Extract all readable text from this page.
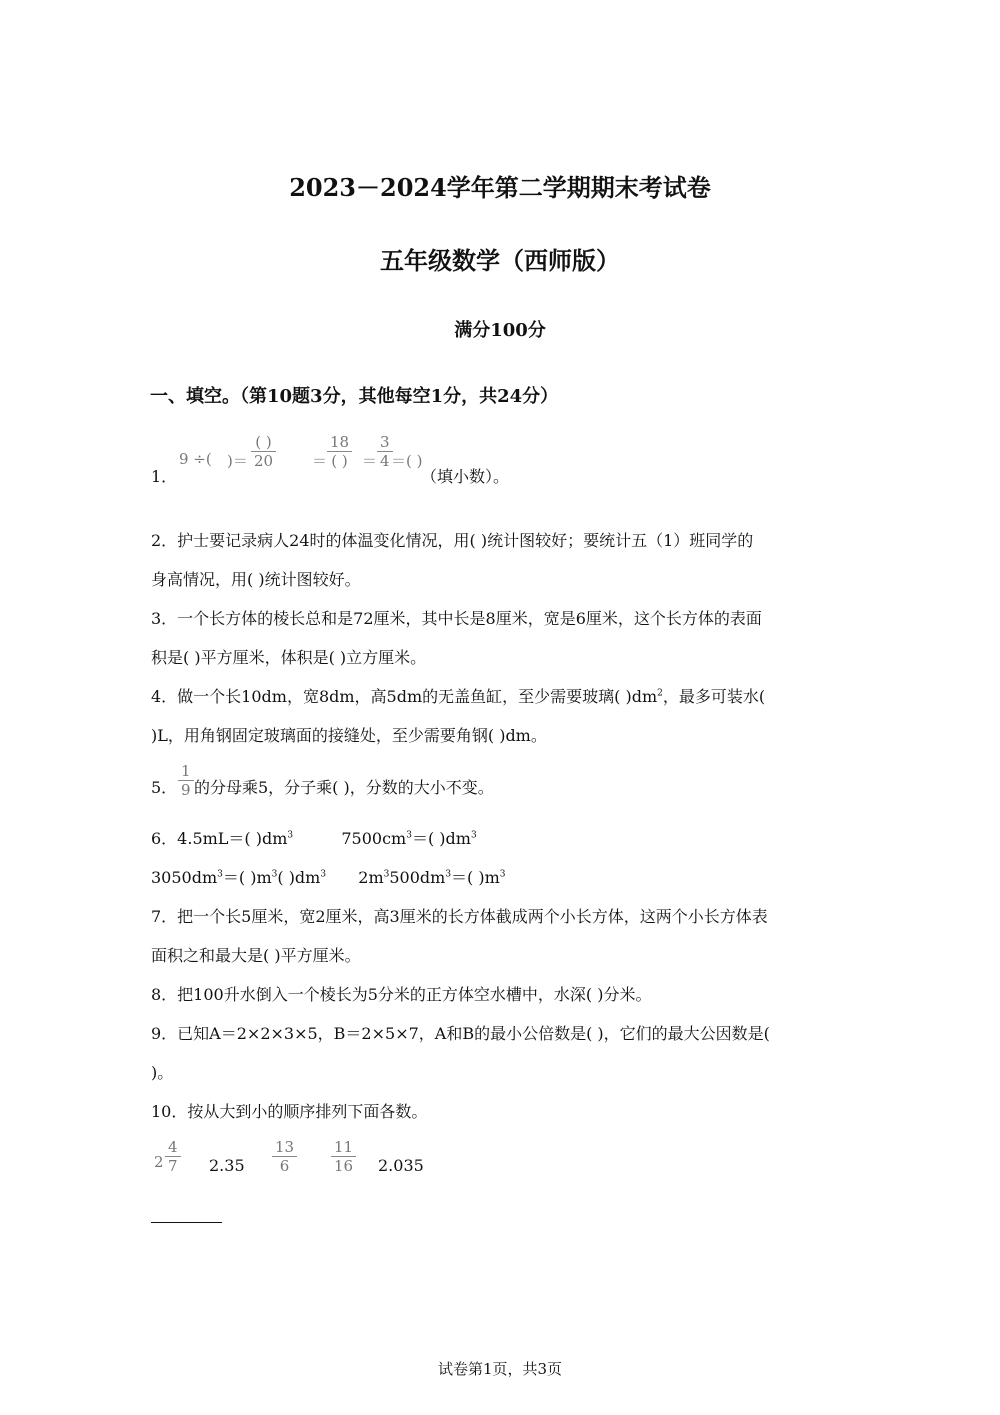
2023－2024学年第二学期期末考试卷
五年级数学（西师版）
满分100分
一、填空。（第10题3分，其他每空1分，共24分）
1．
9 ÷( )＝
( )
20	＝
18
( ) ＝
3
4 ＝( )
（填小数）。
2．护士要记录病人24时的体温变化情况，用( )统计图较好；要统计五（1）班同学的
身高情况，用( )统计图较好。
3．一个长方体的棱长总和是72厘米，其中长是8厘米，宽是6厘米，这个长方体的表面
积是( )平方厘米，体积是( )立方厘米。
4．做一个长10dm，宽8dm，高5dm的无盖鱼缸，至少需要玻璃( )$dm^2$，最多可装水(
)L，用角钢固定玻璃面的接缝处，至少需要角钢( )dm。
5．
1
9 的分母乘5，分子乘( )，分数的大小不变。
6．4.5mL＝( )$dm^3$	$7500cm^3=$( )$dm^3$
$3050dm^3=$( )$m^3$( )$dm^3$ $2m^3500dm^3=$( )$m^3$
7．把一个长5厘米，宽2厘米，高3厘米的长方体截成两个小长方体，这两个小长方体表
面积之和最大是( )平方厘米。
8．把100升水倒入一个棱长为5分米的正方体空水槽中，水深( )分米。
9．已知A＝2×2×3×5，B＝2×5×7，A和B的最小公倍数是( )，它们的最大公因数是(
)。
10．按从大到小的顺序排列下面各数。
2
4
7 2.35
13
6
11
16 2.035
试卷第1页，共3页
